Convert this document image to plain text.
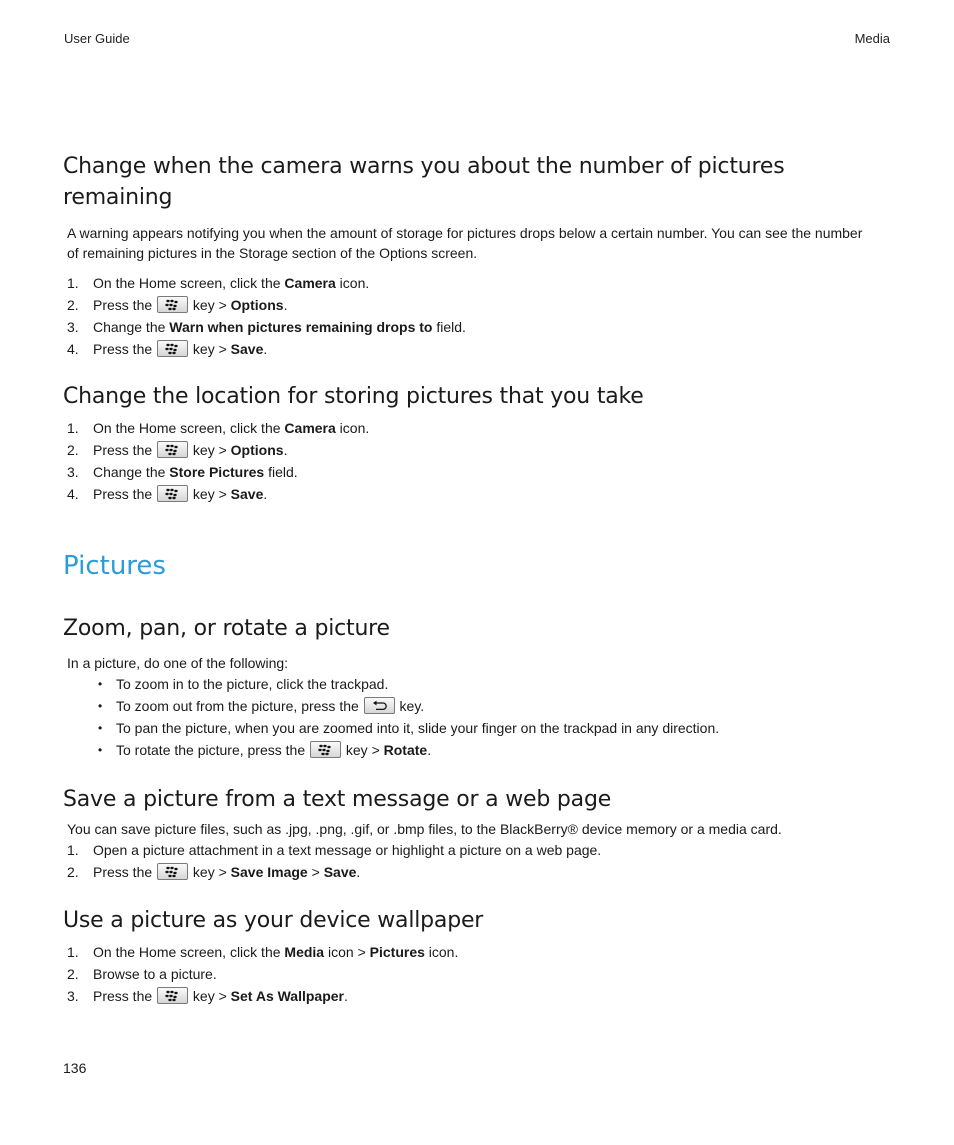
User Guide	Media
Change when the camera warns you about the number of pictures remaining

A warning appears notifying you when the amount of storage for pictures drops below a certain number. You can see the number of remaining pictures in the Storage section of the Options screen.

1.	On the Home screen, click the Camera icon.
2.	Press the
key > Options.
3.	Change the Warn when pictures remaining drops to field.
4.	Press the
key > Save.
Change the location for storing pictures that you take
1.	On the Home screen, click the Camera icon.
2.	Press the
key > Options.
3.	Change the Store Pictures field.
4.	Press the
key > Save.
Pictures
Zoom, pan, or rotate a picture

In a picture, do one of the following:

• To zoom in to the picture, click the trackpad.
• To zoom out from the picture, press the
key.
• To pan the picture, when you are zoomed into it, slide your finger on the trackpad in any direction.
• To rotate the picture, press the
key > Rotate.
Save a picture from a text message or a web page

You can save picture files, such as .jpg, .png, .gif, or .bmp files, to the BlackBerry® device memory or a media card.

1.	Open a picture attachment in a text message or highlight a picture on a web page.
2.	Press the
key > Save Image > Save.
Use a picture as your device wallpaper
1.	On the Home screen, click the Media icon > Pictures icon.
2.	Browse to a picture.
3.	Press the
key > Set As Wallpaper.
136
